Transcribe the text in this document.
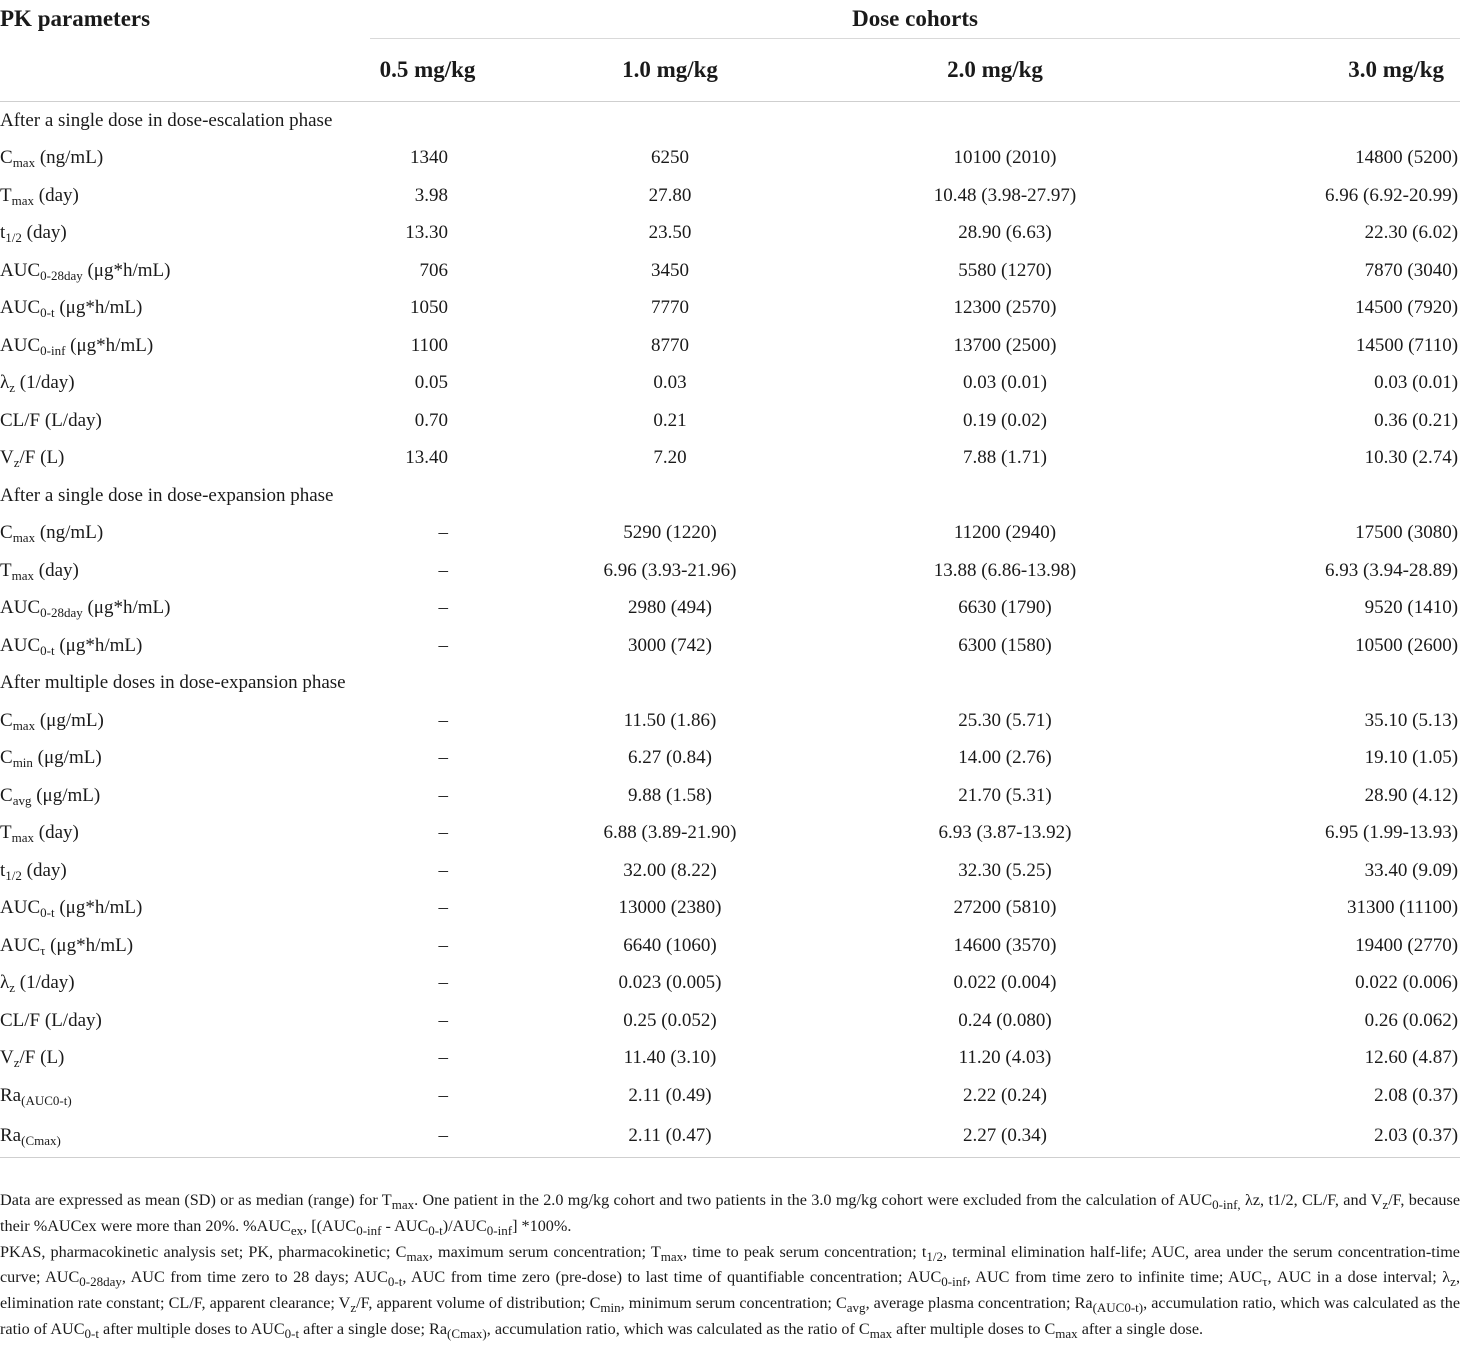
PK parameters	Dose cohorts			
	0.5 mg/kg	1.0 mg/kg	2.0 mg/kg	3.0 mg/kg
After a single dose in dose-escalation phase				
$C_{max}$ (ng/mL)	1340	6250	10100 (2010)	14800 (5200)
$T_{max}$ (day)	3.98	27.80	10.48 (3.98-27.97)	6.96 (6.92-20.99)
$t_{1/2}$ (day)	13.30	23.50	28.90 (6.63)	22.30 (6.02)
$AUC_{0-28day}$ (μg*h/mL)	706	3450	5580 (1270)	7870 (3040)
$AUC_{0-t}$ (μg*h/mL)	1050	7770	12300 (2570)	14500 (7920)
$AUC_{0-inf}$ (μg*h/mL)	1100	8770	13700 (2500)	14500 (7110)
$\lambda_z$ (1/day)	0.05	0.03	0.03 (0.01)	0.03 (0.01)
CL/F (L/day)	0.70	0.21	0.19 (0.02)	0.36 (0.21)
$V_z/F$ (L)	13.40	7.20	7.88 (1.71)	10.30 (2.74)
After a single dose in dose-expansion phase				
$C_{max}$ (ng/mL)	–	5290 (1220)	11200 (2940)	17500 (3080)
$T_{max}$ (day)	–	6.96 (3.93-21.96)	13.88 (6.86-13.98)	6.93 (3.94-28.89)
$AUC_{0-28day}$ (μg*h/mL)	–	2980 (494)	6630 (1790)	9520 (1410)
$AUC_{0-t}$ (μg*h/mL)	–	3000 (742)	6300 (1580)	10500 (2600)
After multiple doses in dose-expansion phase				
$C_{max}$ (μg/mL)	–	11.50 (1.86)	25.30 (5.71)	35.10 (5.13)
$C_{min}$ (μg/mL)	–	6.27 (0.84)	14.00 (2.76)	19.10 (1.05)
$C_{avg}$ (μg/mL)	–	9.88 (1.58)	21.70 (5.31)	28.90 (4.12)
$T_{max}$ (day)	–	6.88 (3.89-21.90)	6.93 (3.87-13.92)	6.95 (1.99-13.93)
$t_{1/2}$ (day)	–	32.00 (8.22)	32.30 (5.25)	33.40 (9.09)
$AUC_{0-t}$ (μg*h/mL)	–	13000 (2380)	27200 (5810)	31300 (11100)
$AUC_\tau$ (μg*h/mL)	–	6640 (1060)	14600 (3570)	19400 (2770)
$\lambda_z$ (1/day)	–	0.023 (0.005)	0.022 (0.004)	0.022 (0.006)
CL/F (L/day)	–	0.25 (0.052)	0.24 (0.080)	0.26 (0.062)
$V_z/F$ (L)	–	11.40 (3.10)	11.20 (4.03)	12.60 (4.87)
$Ra_{(AUC0-t)}$	–	2.11 (0.49)	2.22 (0.24)	2.08 (0.37)
$Ra_{(Cmax)}$	–	2.11 (0.47)	2.27 (0.34)	2.03 (0.37)

Data are expressed as mean (SD) or as median (range) for $T_{max}$. One patient in the 2.0 mg/kg cohort and two patients in the 3.0 mg/kg cohort were excluded from the calculation of $AUC_{0-inf,}$ λz, t1/2, CL/F, and $V_z/F$, because their %AUCex were more than 20%. $\%AUC_{ex}$, $[(AUC_{0-inf} - AUC_{0-t})/AUC_{0-inf}]$ *100%.

PKAS, pharmacokinetic analysis set; PK, pharmacokinetic; $C_{max}$, maximum serum concentration; $T_{max}$, time to peak serum concentration; $t_{1/2}$, terminal elimination half-life; AUC, area under the serum concentration-time curve; $AUC_{0-28day}$, AUC from time zero to 28 days; $AUC_{0-t}$, AUC from time zero (pre-dose) to last time of quantifiable concentration; $AUC_{0-inf}$, AUC from time zero to infinite time; $AUC_\tau$, AUC in a dose interval; $\lambda_z$, elimination rate constant; CL/F, apparent clearance; $V_z/F$, apparent volume of distribution; $C_{min}$, minimum serum concentration; $C_{avg}$, average plasma concentration; $Ra_{(AUC0-t)}$, accumulation ratio, which was calculated as the ratio of $AUC_{0-t}$ after multiple doses to $AUC_{0-t}$ after a single dose; $Ra_{(Cmax)}$, accumulation ratio, which was calculated as the ratio of $C_{max}$ after multiple doses to $C_{max}$ after a single dose.
